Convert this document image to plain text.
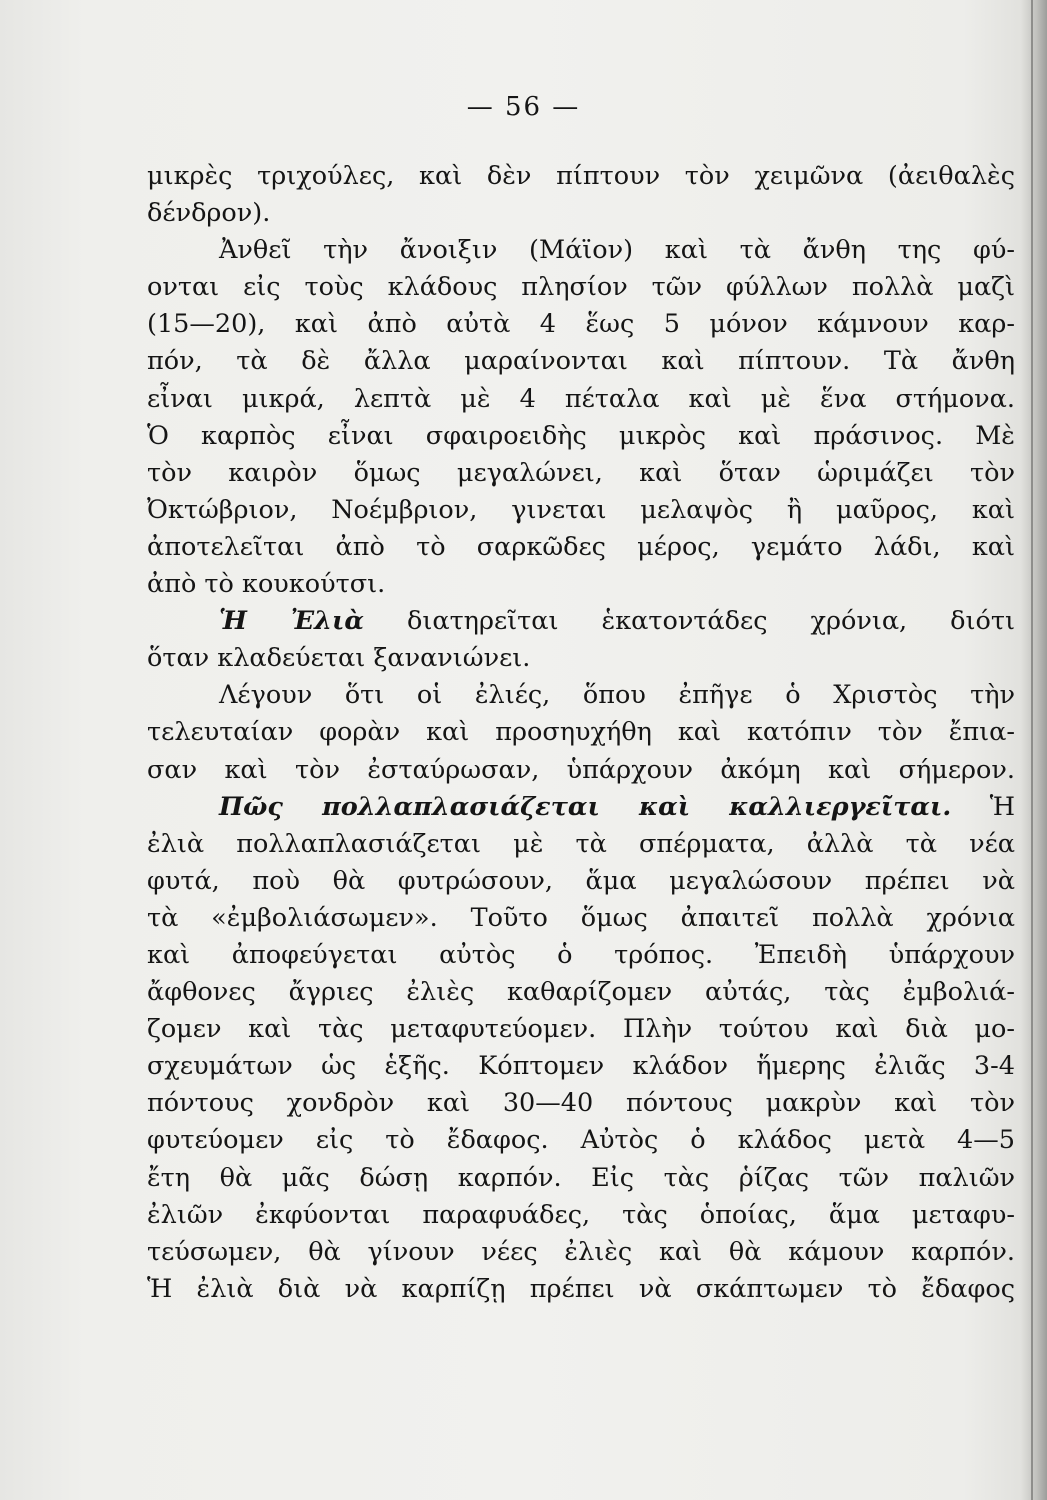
— 56 —
μικρὲς τριχούλες, καὶ δὲν πίπτουν τὸν χειμῶνα (ἀειθαλὲς
δένδρον).
Ἀνθεῖ τὴν ἄνοιξιν (Μάϊον) καὶ τὰ ἄνθη της φύ-
ονται εἰς τοὺς κλάδους πλησίον τῶν φύλλων πολλὰ μαζὶ
(15—20), καὶ ἀπὸ αὐτὰ 4 ἕως 5 μόνον κάμνουν καρ-
πόν, τὰ δὲ ἄλλα μαραίνονται καὶ πίπτουν. Τὰ ἄνθη
εἶναι μικρά, λεπτὰ μὲ 4 πέταλα καὶ μὲ ἕνα στήμονα.
Ὁ καρπὸς εἶναι σφαιροειδὴς μικρὸς καὶ πράσινος. Μὲ
τὸν καιρὸν ὅμως μεγαλώνει, καὶ ὅταν ὡριμάζει τὸν
Ὀκτώβριον, Νοέμβριον, γινεται μελαψὸς ἢ μαῦρος, καὶ
ἀποτελεῖται ἀπὸ τὸ σαρκῶδες μέρος, γεμάτο λάδι, καὶ
ἀπὸ τὸ κουκούτσι.
Ἡ Ἐλιὰ διατηρεῖται ἑκατοντάδες χρόνια, διότι
ὅταν κλαδεύεται ξανανιώνει.
Λέγουν ὅτι οἱ ἐλιές, ὅπου ἐπῆγε ὁ Χριστὸς τὴν
τελευταίαν φορὰν καὶ προσηυχήθη καὶ κατόπιν τὸν ἔπια-
σαν καὶ τὸν ἐσταύρωσαν, ὑπάρχουν ἀκόμη καὶ σήμερον.
Πῶς πολλαπλασιάζεται καὶ καλλιεργεῖται. Ἡ
ἐλιὰ πολλαπλασιάζεται μὲ τὰ σπέρματα, ἀλλὰ τὰ νέα
φυτά, ποὺ θὰ φυτρώσουν, ἅμα μεγαλώσουν πρέπει νὰ
τὰ «ἐμβολιάσωμεν». Τοῦτο ὅμως ἀπαιτεῖ πολλὰ χρόνια
καὶ ἀποφεύγεται αὐτὸς ὁ τρόπος. Ἐπειδὴ ὑπάρχουν
ἄφθονες ἄγριες ἐλιὲς καθαρίζομεν αὐτάς, τὰς ἐμβολιά-
ζομεν καὶ τὰς μεταφυτεύομεν. Πλὴν τούτου καὶ διὰ μο-
σχευμάτων ὡς ἑξῆς. Κόπτομεν κλάδον ἥμερης ἐλιᾶς 3-4
πόντους χονδρὸν καὶ 30—40 πόντους μακρὺν καὶ τὸν
φυτεύομεν εἰς τὸ ἔδαφος. Αὐτὸς ὁ κλάδος μετὰ 4—5
ἔτη θὰ μᾶς δώσῃ καρπόν. Εἰς τὰς ῥίζας τῶν παλιῶν
ἐλιῶν ἐκφύονται παραφυάδες, τὰς ὁποίας, ἅμα μεταφυ-
τεύσωμεν, θὰ γίνουν νέες ἐλιὲς καὶ θὰ κάμουν καρπόν.
Ἡ ἐλιὰ διὰ νὰ καρπίζῃ πρέπει νὰ σκάπτωμεν τὸ ἔδαφος
